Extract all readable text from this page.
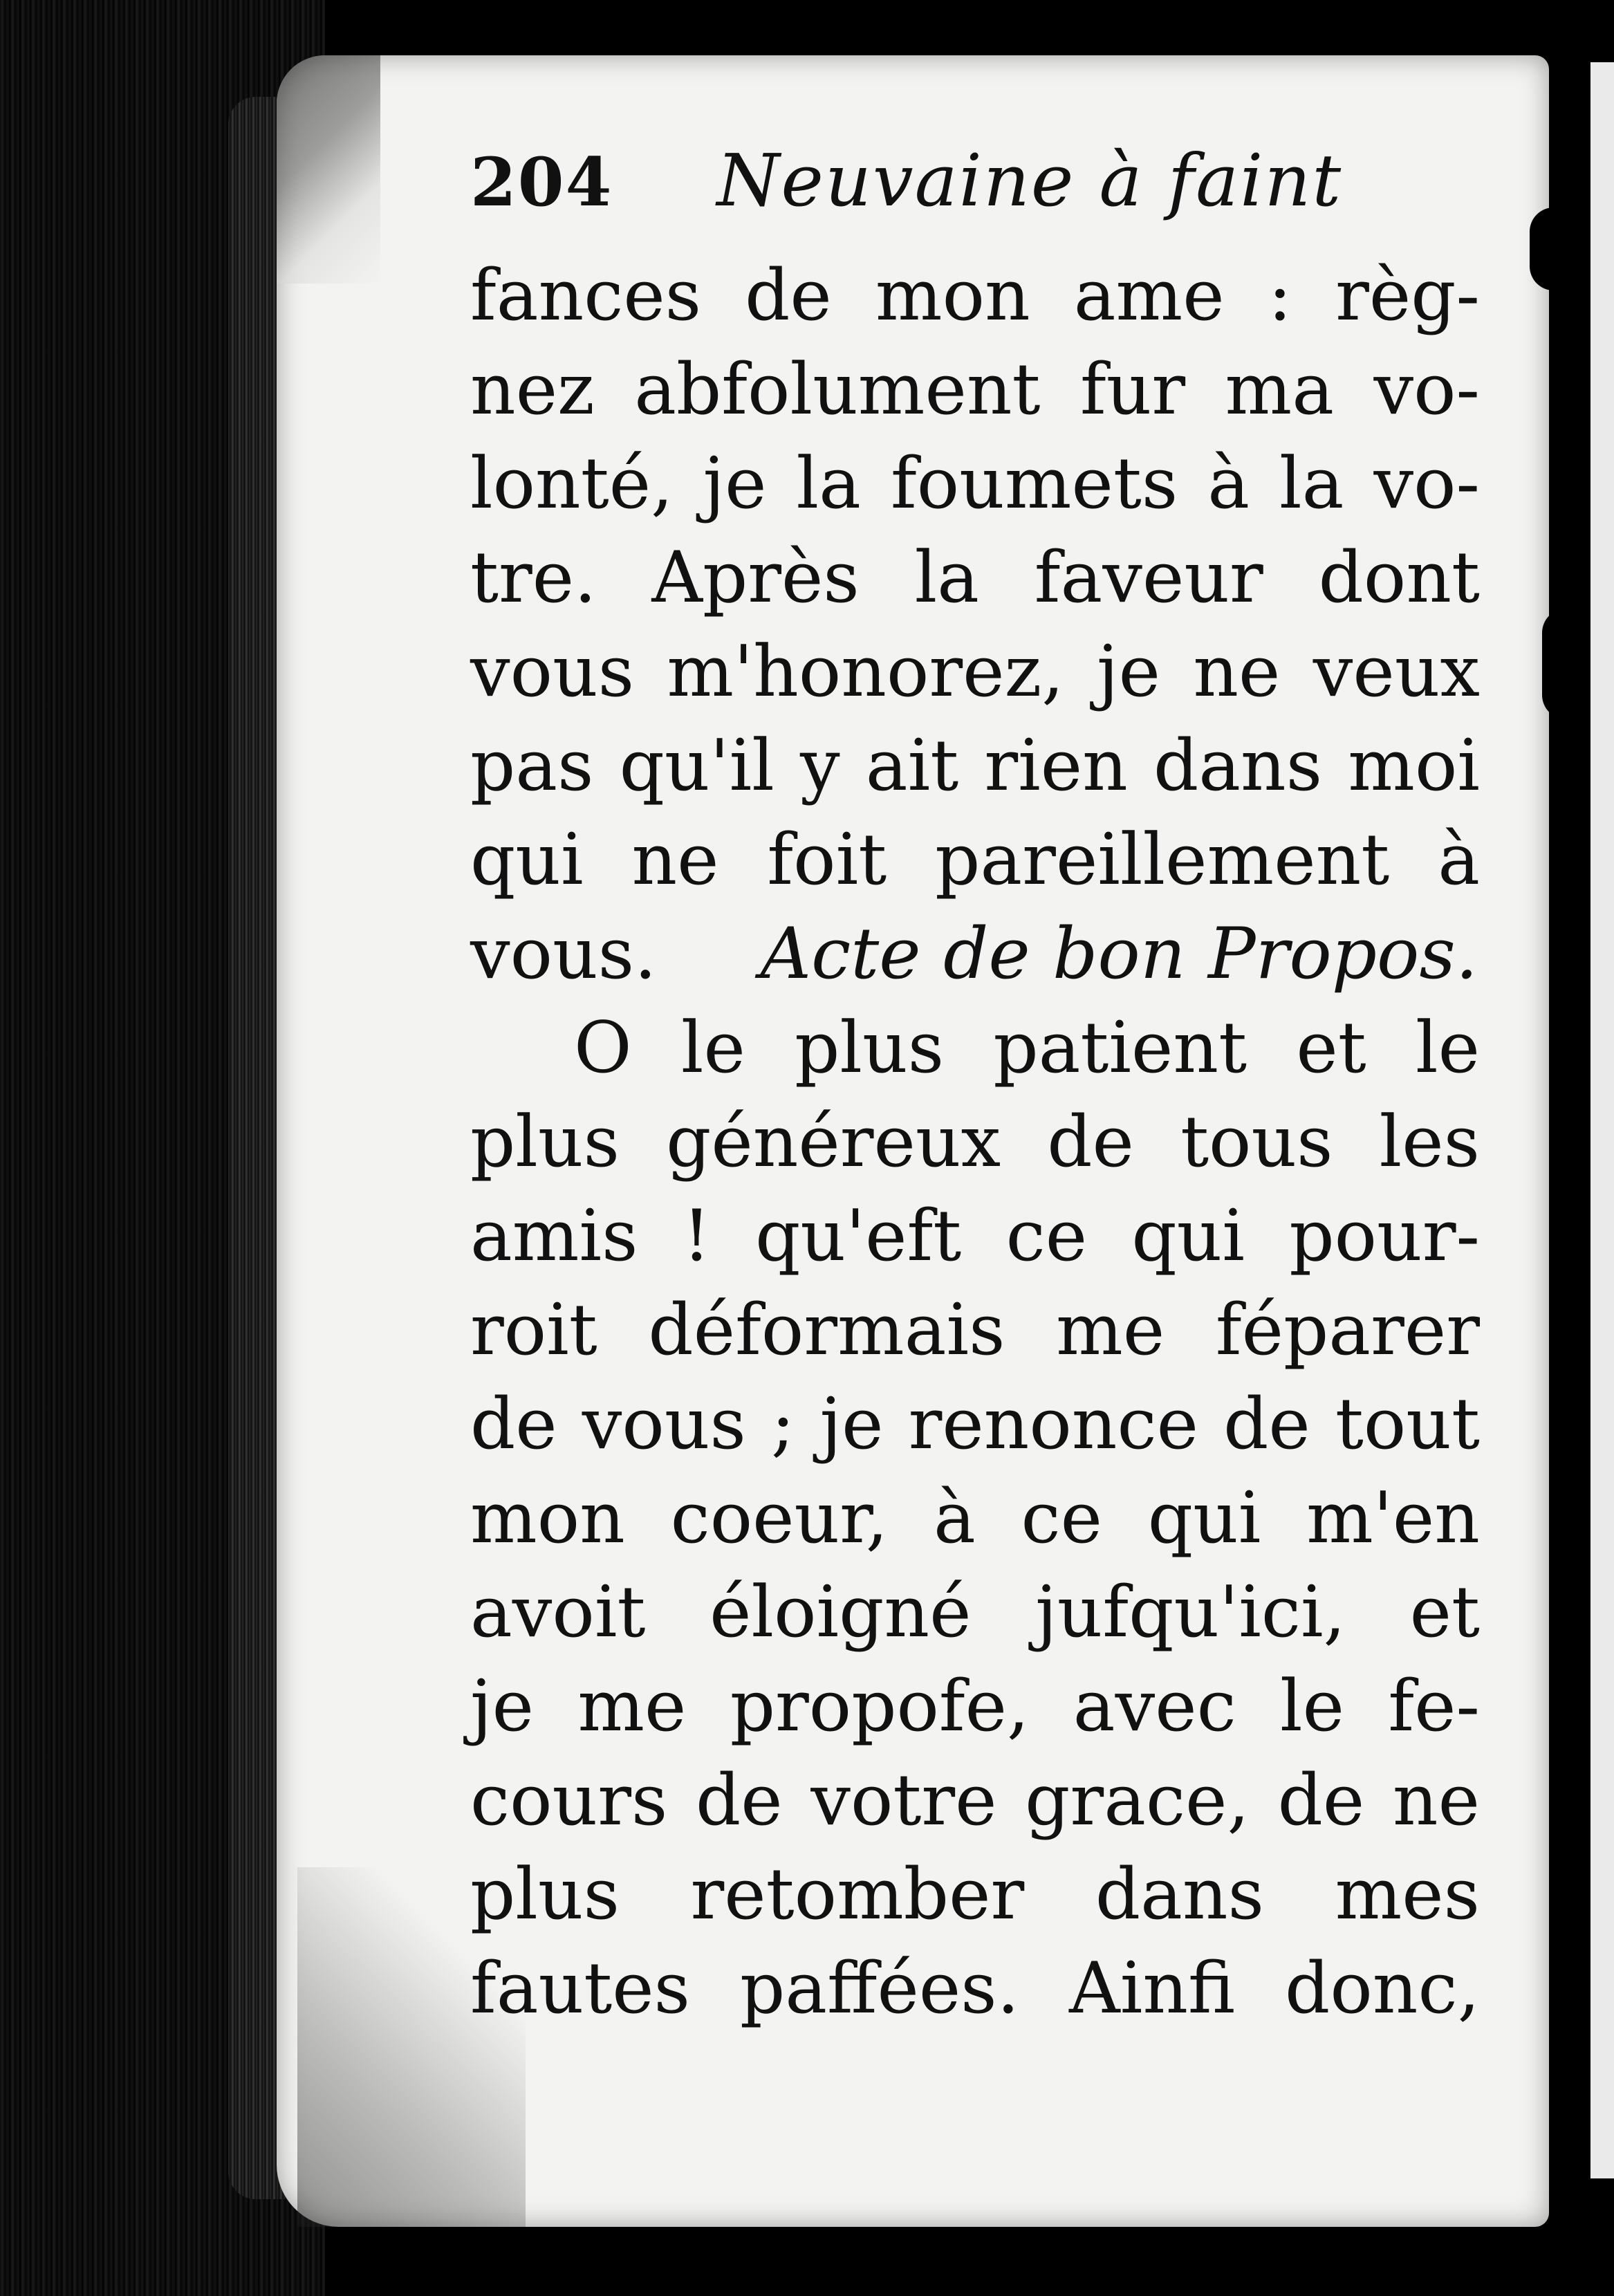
204 Neuvaine à faint
fances de mon ame : règ-
nez abfolument fur ma vo-
lonté, je la foumets à la vo-
tre. Après la faveur dont
vous m'honorez, je ne veux
pas qu'il y ait rien dans moi
qui ne foit pareillement à
vous. Acte de bon Propos.
O le plus patient et le
plus généreux de tous les
amis ! qu'eft ce qui pour-
roit déformais me féparer
de vous ; je renonce de tout
mon coeur, à ce qui m'en
avoit éloigné jufqu'ici, et
je me propofe, avec le fe-
cours de votre grace, de ne
plus retomber dans mes
fautes paffées. Ainfi donc,
